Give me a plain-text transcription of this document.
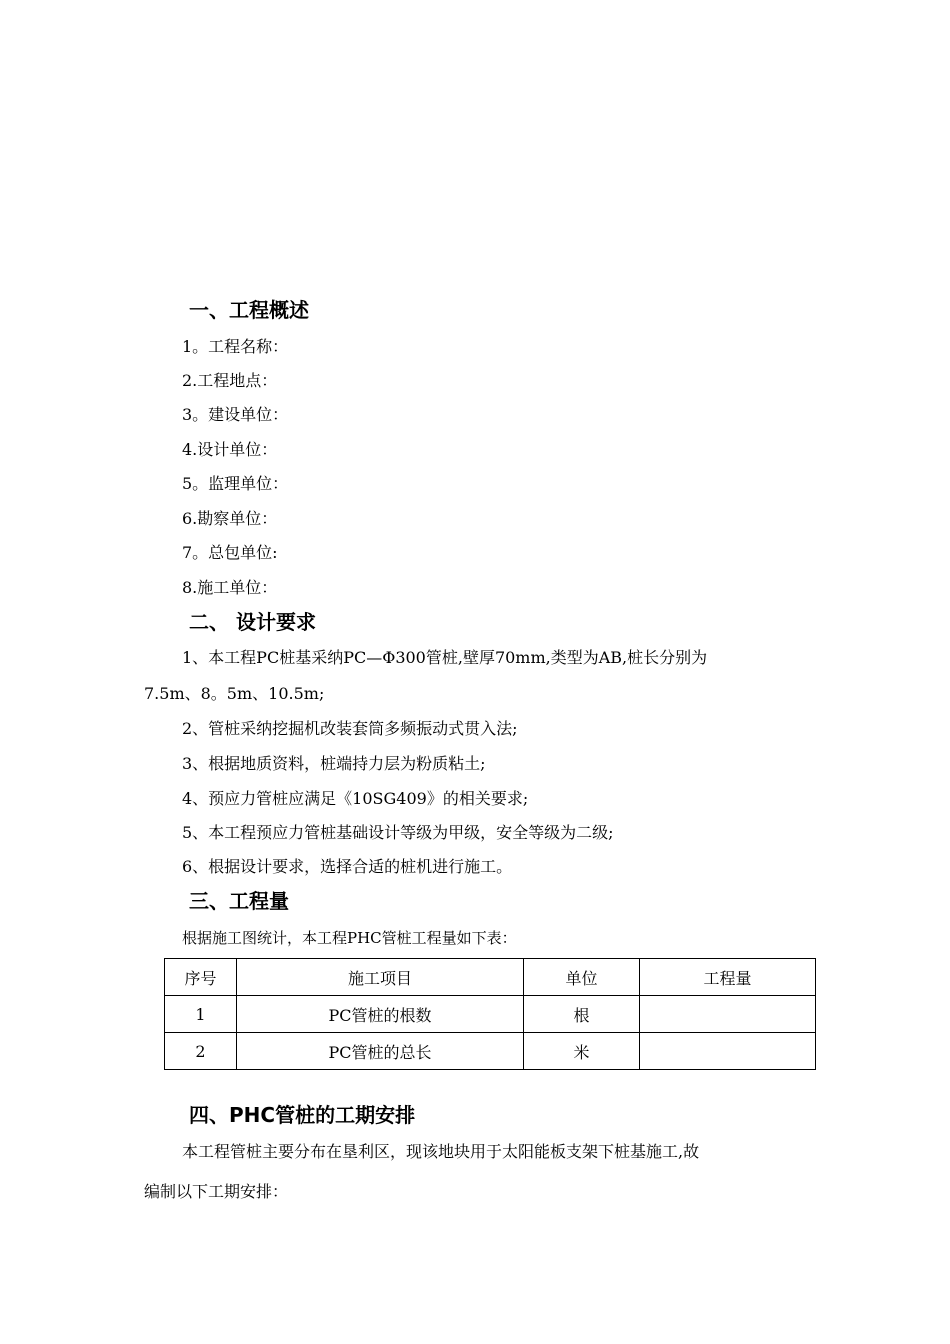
一、工程概述
1。工程名称：
2.工程地点：
3。建设单位：
4.设计单位：
5。监理单位：
6.勘察单位：
7。总包单位:
8.施工单位：
二、 设计要求
1、本工程PC桩基采纳PC—Φ300管桩,壁厚70mm,类型为AB,桩长分别为
7.5m、8。5m、10.5m;
2、管桩采纳挖掘机改装套筒多频振动式贯入法;
3、根据地质资料，桩端持力层为粉质粘土;
4、预应力管桩应满足《10SG409》的相关要求;
5、本工程预应力管桩基础设计等级为甲级，安全等级为二级;
6、根据设计要求，选择合适的桩机进行施工。
三、工程量
根据施工图统计，本工程PHC管桩工程量如下表：
序号	施工项目	单位	工程量
1	PC管桩的根数	根	
2	PC管桩的总长	米	
四、PHC管桩的工期安排
本工程管桩主要分布在垦利区，现该地块用于太阳能板支架下桩基施工,故
编制以下工期安排：
